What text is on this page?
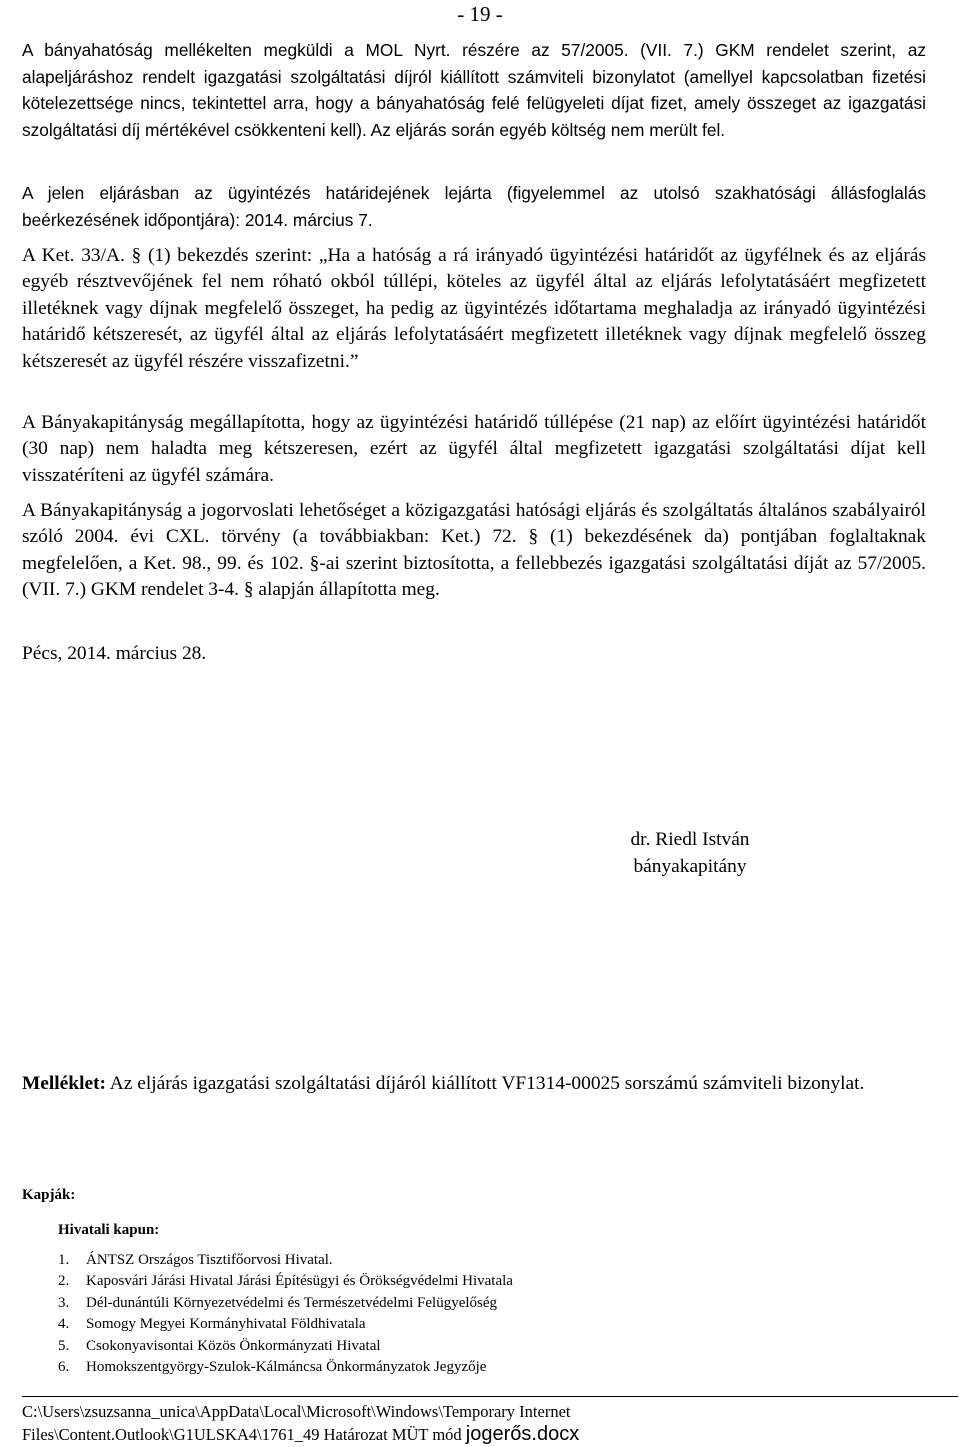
- 19 -

A bányahatóság mellékelten megküldi a MOL Nyrt. részére az 57/2005. (VII. 7.) GKM rendelet szerint, az alapeljáráshoz rendelt igazgatási szolgáltatási díjról kiállított számviteli bizonylatot (amellyel kapcsolatban fizetési kötelezettsége nincs, tekintettel arra, hogy a bányahatóság felé felügyeleti díjat fizet, amely összeget az igazgatási szolgáltatási díj mértékével csökkenteni kell). Az eljárás során egyéb költség nem merült fel.

A jelen eljárásban az ügyintézés határidejének lejárta (figyelemmel az utolsó szakhatósági állásfoglalás beérkezésének időpontjára): 2014. március 7.

A Ket. 33/A. § (1) bekezdés szerint: „Ha a hatóság a rá irányadó ügyintézési határidőt az ügyfélnek és az eljárás egyéb résztvevőjének fel nem róható okból túllépi, köteles az ügyfél által az eljárás lefolytatásáért megfizetett illetéknek vagy díjnak megfelelő összeget, ha pedig az ügyintézés időtartama meghaladja az irányadó ügyintézési határidő kétszeresét, az ügyfél által az eljárás lefolytatásáért megfizetett illetéknek vagy díjnak megfelelő összeg kétszeresét az ügyfél részére visszafizetni.”

A Bányakapitányság megállapította, hogy az ügyintézési határidő túllépése (21 nap) az előírt ügyintézési határidőt (30 nap) nem haladta meg kétszeresen, ezért az ügyfél által megfizetett igazgatási szolgáltatási díjat kell visszatéríteni az ügyfél számára.

A Bányakapitányság a jogorvoslati lehetőséget a közigazgatási hatósági eljárás és szolgáltatás általános szabályairól szóló 2004. évi CXL. törvény (a továbbiakban: Ket.) 72. § (1) bekezdésének da) pontjában foglaltaknak megfelelően, a Ket. 98., 99. és 102. §-ai szerint biztosította, a fellebbezés igazgatási szolgáltatási díját az 57/2005. (VII. 7.) GKM rendelet 3-4. § alapján állapította meg.

Pécs, 2014. március 28.

dr. Riedl István
bányakapitány

Melléklet: Az eljárás igazgatási szolgáltatási díjáról kiállított VF1314-00025 sorszámú számviteli bizonylat.

Kapják:
Hivatali kapun:
1.	ÁNTSZ Országos Tisztifőorvosi Hivatal.
2.	Kaposvári Járási Hivatal Járási Építésügyi és Örökségvédelmi Hivatala
3.	Dél-dunántúli Környezetvédelmi és Természetvédelmi Felügyelőség
4.	Somogy Megyei Kormányhivatal Földhivatala
5.	Csokonyavisontai Közös Önkormányzati Hivatal
6.	Homokszentgyörgy-Szulok-Kálmáncsa Önkormányzatok Jegyzője
C:\Users\zsuzsanna_unica\AppData\Local\Microsoft\Windows\Temporary Internet
Files\Content.Outlook\G1ULSKA4\1761_49 Határozat MÜT mód jogerős.docx
